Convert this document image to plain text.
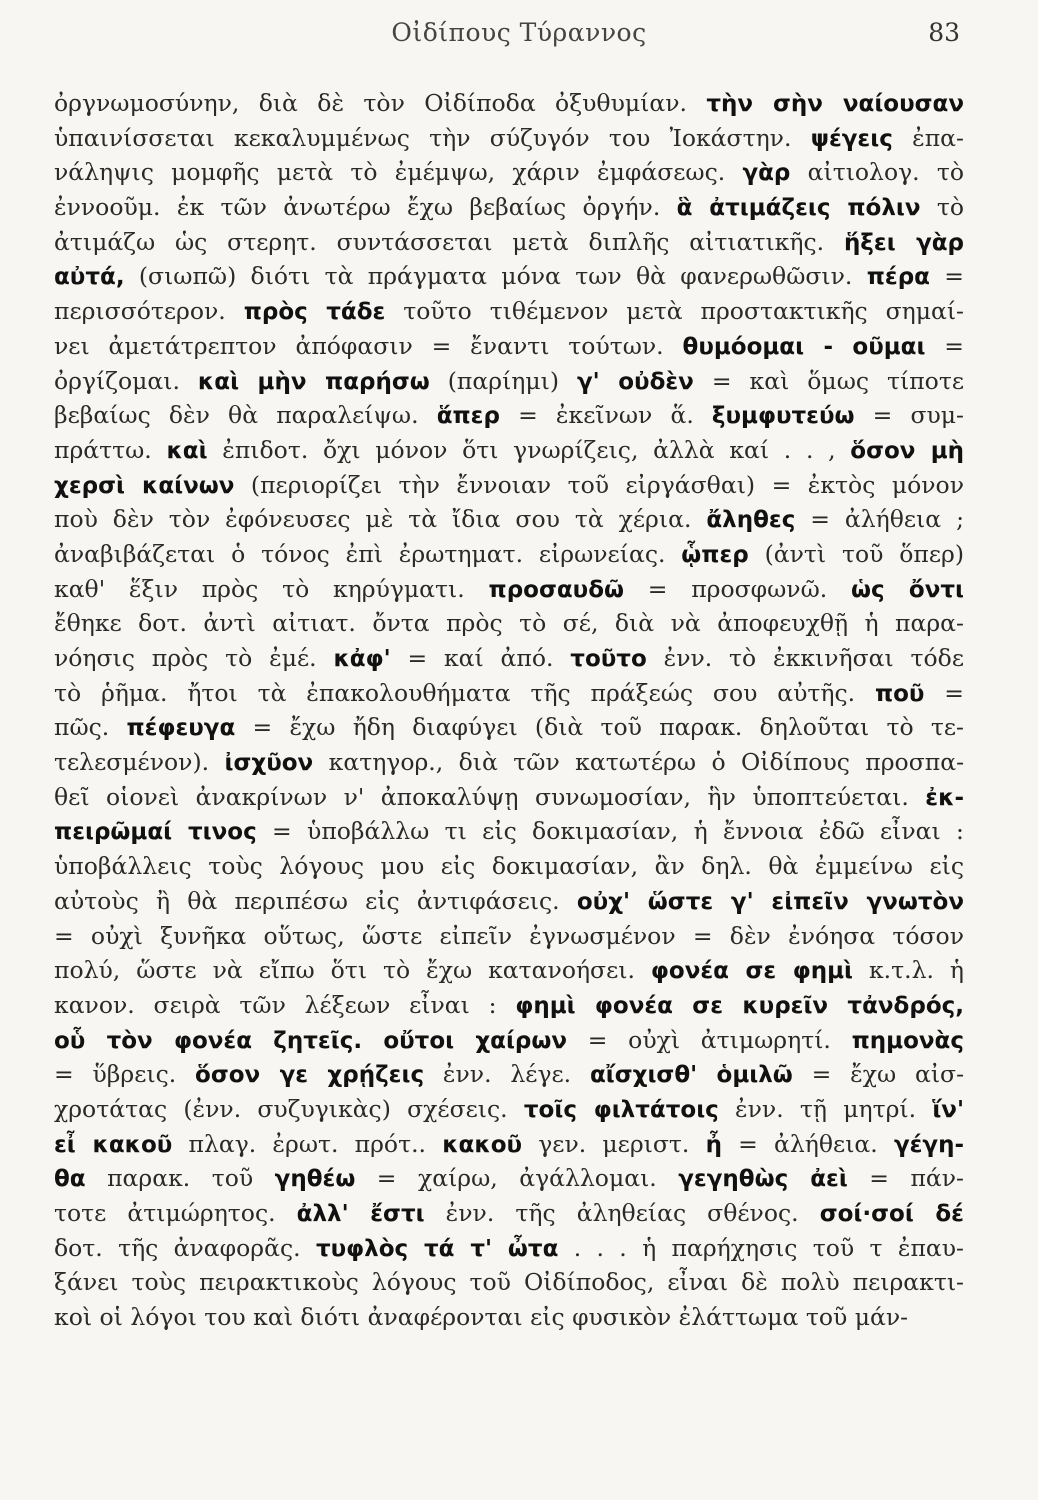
Οἰδίπους Τύραννος	83
ὀργνωμοσύνην, διὰ δὲ τὸν Οἰδίποδα ὀξυθυμίαν. τὴν σὴν ναίουσαν
ὑπαινίσσεται κεκαλυμμένως τὴν σύζυγόν του Ἰοκάστην. ψέγεις ἐπα-
νάληψις μομφῆς μετὰ τὸ ἐμέμψω, χάριν ἐμφάσεως. γὰρ αἰτιολογ. τὸ
ἐννοοῦμ. ἐκ τῶν ἀνωτέρω ἔχω βεβαίως ὀργήν. ἃ ἀτιμάζεις πόλιν τὸ
ἀτιμάζω ὡς στερητ. συντάσσεται μετὰ διπλῆς αἰτιατικῆς. ἥξει γὰρ
αὐτά, (σιωπῶ) διότι τὰ πράγματα μόνα των θὰ φανερωθῶσιν. πέρα =
περισσότερον. πρὸς τάδε τοῦτο τιθέμενον μετὰ προστακτικῆς σημαί-
νει ἀμετάτρεπτον ἀπόφασιν = ἔναντι τούτων. θυμόομαι - οῦμαι =
ὀργίζομαι. καὶ μὴν παρήσω (παρίημι) γ' οὐδὲν = καὶ ὅμως τίποτε
βεβαίως δὲν θὰ παραλείψω. ἅπερ = ἐκεῖνων ἅ. ξυμφυτεύω = συμ-
πράττω. καὶ ἐπιδοτ. ὄχι μόνον ὅτι γνωρίζεις, ἀλλὰ καί . . , ὅσον μὴ
χερσὶ καίνων (περιορίζει τὴν ἔννοιαν τοῦ εἰργάσθαι) = ἐκτὸς μόνον
ποὺ δὲν τὸν ἐφόνευσες μὲ τὰ ἴδια σου τὰ χέρια. ἄληθες = ἀλήθεια ;
ἀναβιβάζεται ὁ τόνος ἐπὶ ἐρωτηματ. εἰρωνείας. ᾧπερ (ἀντὶ τοῦ ὅπερ)
καθ' ἕξιν πρὸς τὸ κηρύγματι. προσαυδῶ = προσφωνῶ. ὡς ὄντι
ἔθηκε δοτ. ἀντὶ αἰτιατ. ὄντα πρὸς τὸ σέ, διὰ νὰ ἀποφευχθῇ ἡ παρα-
νόησις πρὸς τὸ ἐμέ. κἀφ' = καί ἀπό. τοῦτο ἐνν. τὸ ἐκκινῆσαι τόδε
τὸ ῥῆμα. ἤτοι τὰ ἐπακολουθήματα τῆς πράξεώς σου αὐτῆς. ποῦ =
πῶς. πέφευγα = ἔχω ἤδη διαφύγει (διὰ τοῦ παρακ. δηλοῦται τὸ τε-
τελεσμένον). ἰσχῦον κατηγορ., διὰ τῶν κατωτέρω ὁ Οἰδίπους προσπα-
θεῖ οἱονεὶ ἀνακρίνων ν' ἀποκαλύψῃ συνωμοσίαν, ἣν ὑποπτεύεται. ἐκ-
πειρῶμαί τινος = ὑποβάλλω τι εἰς δοκιμασίαν, ἡ ἔννοια ἐδῶ εἶναι :
ὑποβάλλεις τοὺς λόγους μου εἰς δοκιμασίαν, ἂν δηλ. θὰ ἐμμείνω εἰς
αὐτοὺς ἢ θὰ περιπέσω εἰς ἀντιφάσεις. οὐχ' ὥστε γ' εἰπεῖν γνωτὸν
= οὐχὶ ξυνῆκα οὕτως, ὥστε εἰπεῖν ἐγνωσμένον = δὲν ἐνόησα τόσον
πολύ, ὥστε νὰ εἴπω ὅτι τὸ ἔχω κατανοήσει. φονέα σε φημὶ κ.τ.λ. ἡ
κανον. σειρὰ τῶν λέξεων εἶναι : φημὶ φονέα σε κυρεῖν τἀνδρός,
οὗ τὸν φονέα ζητεῖς. οὔτοι χαίρων = οὐχὶ ἀτιμωρητί. πημονὰς
= ὕβρεις. ὅσον γε χρῄζεις ἐνν. λέγε. αἴσχισθ' ὁμιλῶ = ἔχω αἰσ-
χροτάτας (ἐνν. συζυγικὰς) σχέσεις. τοῖς φιλτάτοις ἐνν. τῇ μητρί. ἵν'
εἶ κακοῦ πλαγ. ἐρωτ. πρότ.. κακοῦ γεν. μεριστ. ἦ = ἀλήθεια. γέγη-
θα παρακ. τοῦ γηθέω = χαίρω, ἀγάλλομαι. γεγηθὼς ἀεὶ = πάν-
τοτε ἀτιμώρητος. ἀλλ' ἔστι ἐνν. τῆς ἀληθείας σθένος. σοί·σοί δέ
δοτ. τῆς ἀναφορᾶς. τυφλὸς τά τ' ὦτα . . . ἡ παρήχησις τοῦ τ ἐπαυ-
ξάνει τοὺς πειρακτικοὺς λόγους τοῦ Οἰδίποδος, εἶναι δὲ πολὺ πειρακτι-
κοὶ οἱ λόγοι του καὶ διότι ἀναφέρονται εἰς φυσικὸν ἐλάττωμα τοῦ μάν-
